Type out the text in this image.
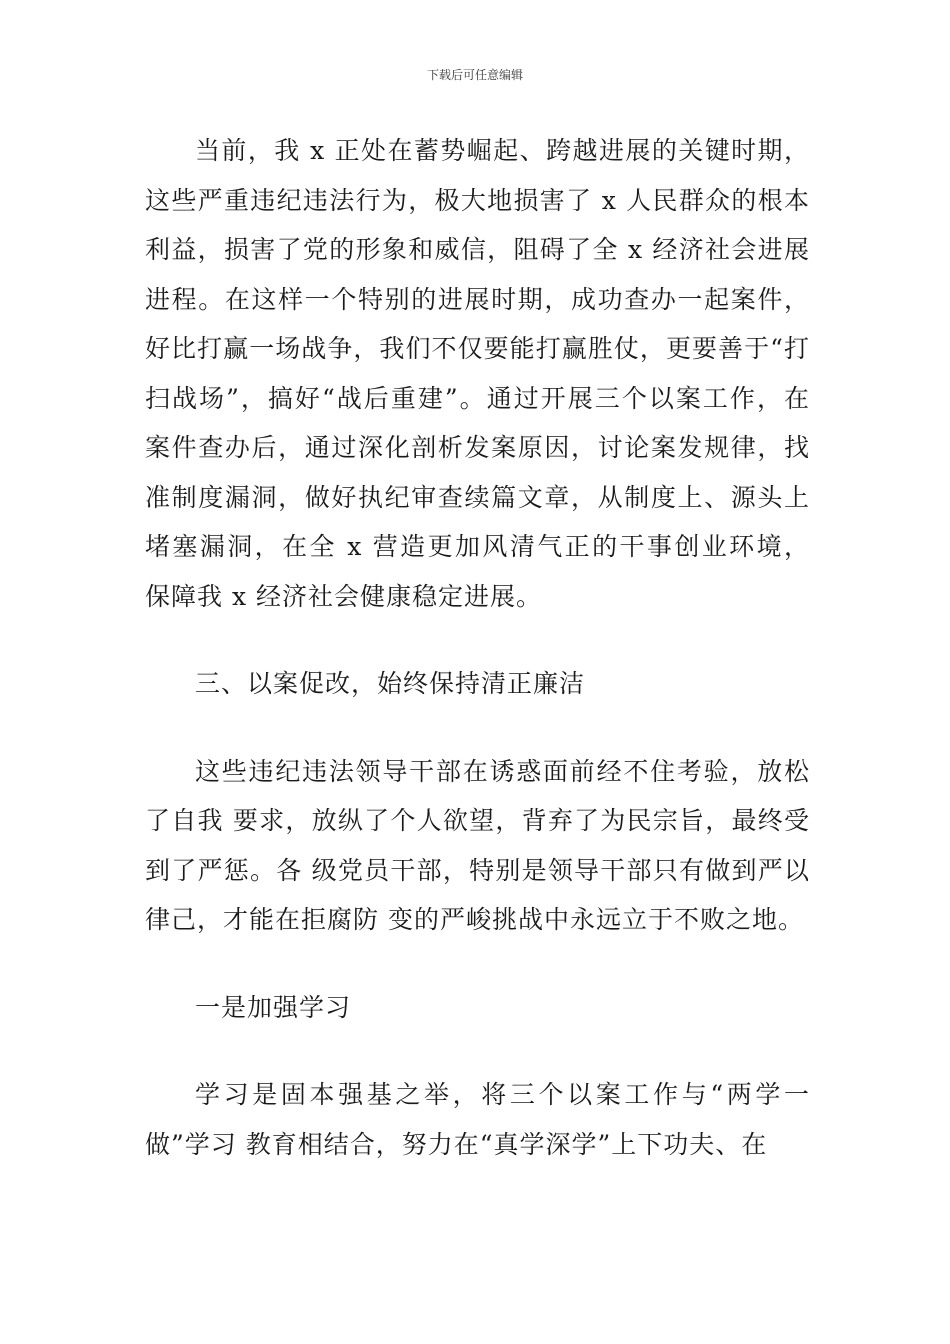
下载后可任意编辑

当前，我 x 正处在蓄势崛起、跨越进展的关键时期，这些严重违纪违法行为，极大地损害了 x 人民群众的根本利益，损害了党的形象和威信，阻碍了全 x 经济社会进展进程。在这样一个特别的进展时期，成功查办一起案件，好比打赢一场战争，我们不仅要能打赢胜仗，更要善于“打扫战场”，搞好“战后重建”。通过开展三个以案工作，在案件查办后，通过深化剖析发案原因，讨论案发规律，找准制度漏洞，做好执纪审查续篇文章，从制度上、源头上堵塞漏洞，在全 x 营造更加风清气正的干事创业环境， 保障我 x 经济社会健康稳定进展。

三、以案促改，始终保持清正廉洁

这些违纪违法领导干部在诱惑面前经不住考验，放松了自我 要求，放纵了个人欲望，背弃了为民宗旨，最终受到了严惩。各 级党员干部，特别是领导干部只有做到严以律己，才能在拒腐防 变的严峻挑战中永远立于不败之地。

一是加强学习

学习是固本强基之举，将三个以案工作与“两学一做”学习 教育相结合，努力在“真学深学”上下功夫、在
